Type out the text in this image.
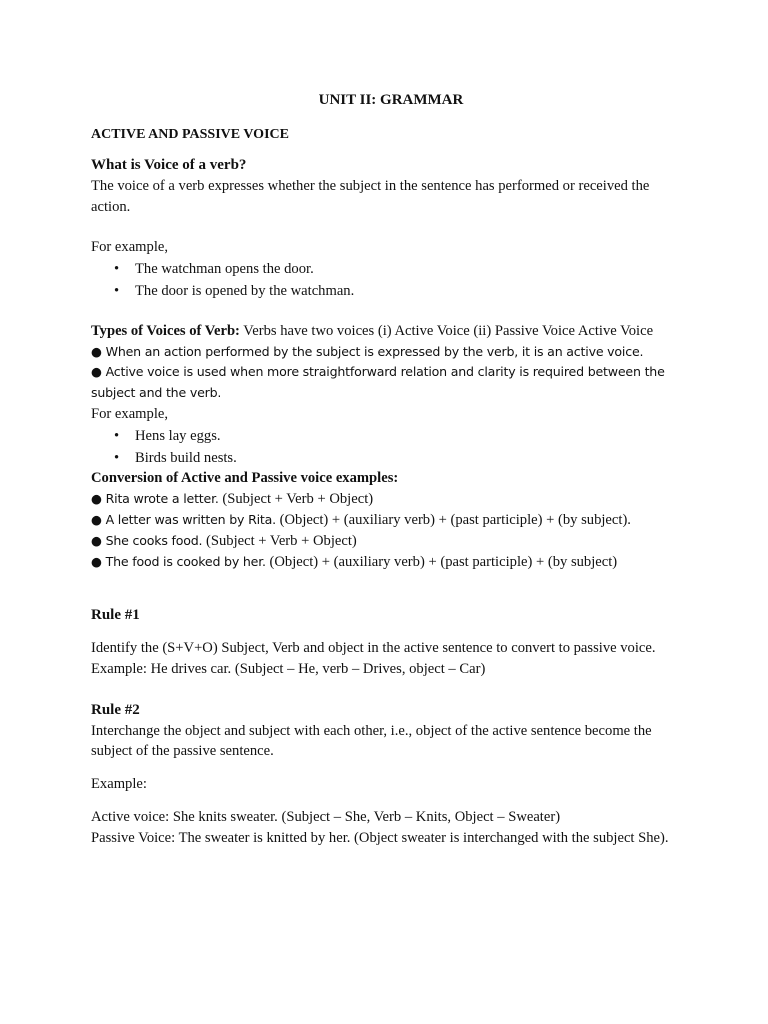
UNIT II: GRAMMAR
ACTIVE AND PASSIVE VOICE
What is Voice of a verb?

The voice of a verb expresses whether the subject in the sentence has performed or received the action.

For example,

• The watchman opens the door.
• The door is opened by the watchman.

Types of Voices of Verb: Verbs have two voices (i) Active Voice (ii) Passive Voice Active Voice

● When an action performed by the subject is expressed by the verb, it is an active voice.

● Active voice is used when more straightforward relation and clarity is required between the subject and the verb.

For example,

• Hens lay eggs.
• Birds build nests.

Conversion of Active and Passive voice examples:

● Rita wrote a letter. (Subject + Verb + Object)

● A letter was written by Rita. (Object) + (auxiliary verb) + (past participle) + (by subject).

● She cooks food. (Subject + Verb + Object)

● The food is cooked by her. (Object) + (auxiliary verb) + (past participle) + (by subject)

Rule #1

Identify the (S+V+O) Subject, Verb and object in the active sentence to convert to passive voice.

Example: He drives car. (Subject – He, verb – Drives, object – Car)

Rule #2

Interchange the object and subject with each other, i.e., object of the active sentence become the subject of the passive sentence.

Example:

Active voice: She knits sweater. (Subject – She, Verb – Knits, Object – Sweater)

Passive Voice: The sweater is knitted by her. (Object sweater is interchanged with the subject She).
